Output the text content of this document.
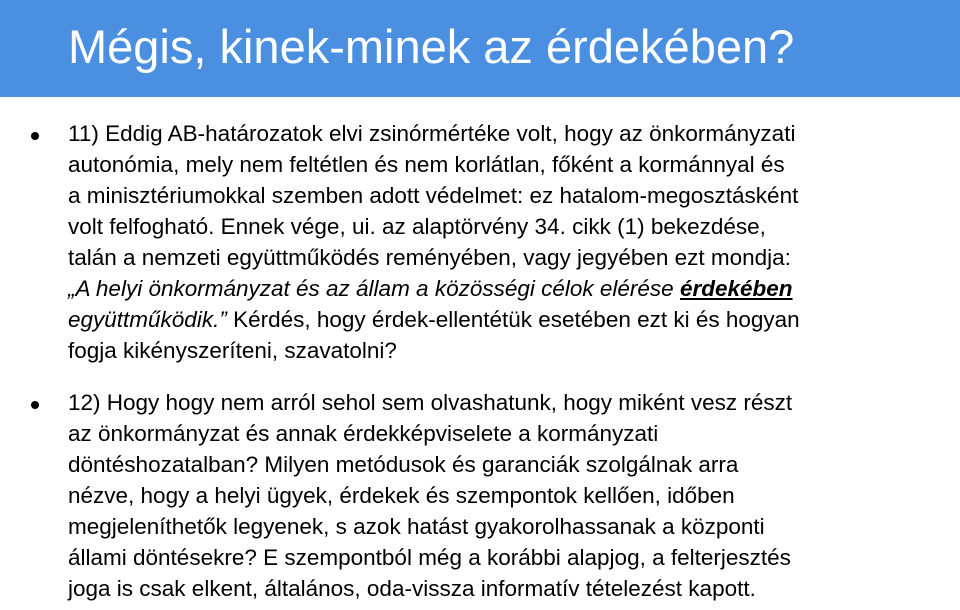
Mégis, kinek-minek az érdekében?
11) Eddig AB-határozatok elvi zsinórmértéke volt, hogy az önkormányzati
autonómia, mely nem feltétlen és nem korlátlan, főként a kormánnyal és
a minisztériumokkal szemben adott védelmet: ez hatalom-megosztásként
volt felfogható. Ennek vége, ui. az alaptörvény 34. cikk (1) bekezdése,
talán a nemzeti együttműködés reményében, vagy jegyében ezt mondja:
„A helyi önkormányzat és az állam a közösségi célok elérése érdekében
együttműködik.” Kérdés, hogy érdek-ellentétük esetében ezt ki és hogyan
fogja kikényszeríteni, szavatolni?
12) Hogy hogy nem arról sehol sem olvashatunk, hogy miként vesz részt
az önkormányzat és annak érdekképviselete a kormányzati
döntéshozatalban? Milyen metódusok és garanciák szolgálnak arra
nézve, hogy a helyi ügyek, érdekek és szempontok kellően, időben
megjeleníthetők legyenek, s azok hatást gyakorolhassanak a központi
állami döntésekre? E szempontból még a korábbi alapjog, a felterjesztés
joga is csak elkent, általános, oda-vissza informatív tételezést kapott.
